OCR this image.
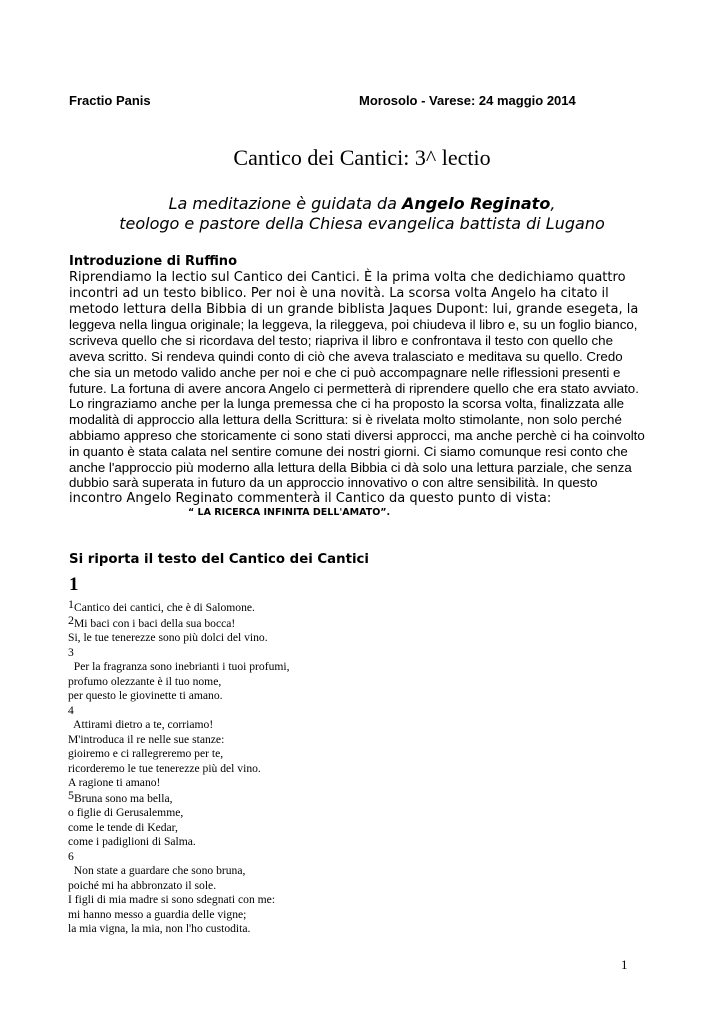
Fractio Panis	Morosolo - Varese: 24 maggio 2014
Cantico dei Cantici: 3^ lectio
La meditazione è guidata da Angelo Reginato,
teologo e pastore della Chiesa evangelica battista di Lugano
Introduzione di Ruffino
Riprendiamo la lectio sul Cantico dei Cantici. È la prima volta che dedichiamo quattro
incontri ad un testo biblico. Per noi è una novità. La scorsa volta Angelo ha citato il
metodo lettura della Bibbia di un grande biblista Jaques Dupont: lui, grande esegeta, la
leggeva nella lingua originale; la leggeva, la rileggeva, poi chiudeva il libro e, su un foglio bianco,
scriveva quello che si ricordava del testo; riapriva il libro e confrontava il testo con quello che
aveva scritto. Si rendeva quindi conto di ciò che aveva tralasciato e meditava su quello. Credo
che sia un metodo valido anche per noi e che ci può accompagnare nelle riflessioni presenti e
future. La fortuna di avere ancora Angelo ci permetterà di riprendere quello che era stato avviato.
Lo ringraziamo anche per la lunga premessa che ci ha proposto la scorsa volta, finalizzata alle
modalità di approccio alla lettura della Scrittura: si è rivelata molto stimolante, non solo perché
abbiamo appreso che storicamente ci sono stati diversi approcci, ma anche perchè ci ha coinvolto
in quanto è stata calata nel sentire comune dei nostri giorni. Ci siamo comunque resi conto che
anche l'approccio più moderno alla lettura della Bibbia ci dà solo una lettura parziale, che senza
dubbio sarà superata in futuro da un approccio innovativo o con altre sensibilità. In questo
incontro Angelo Reginato commenterà il Cantico da questo punto di vista:
“ LA RICERCA INFINITA DELL'AMATO”.
Si riporta il testo del Cantico dei Cantici
1
$^1$Cantico dei cantici, che è di Salomone.
$^2$Mi baci con i baci della sua bocca!
Si, le tue tenerezze sono più dolci del vino.
3
Per la fragranza sono inebrianti i tuoi profumi,
profumo olezzante è il tuo nome,
per questo le giovinette ti amano.
4
Attirami dietro a te, corriamo!
M'introduca il re nelle sue stanze:
gioiremo e ci rallegreremo per te,
ricorderemo le tue tenerezze più del vino.
A ragione ti amano!
$^5$Bruna sono ma bella,
o figlie di Gerusalemme,
come le tende di Kedar,
come i padiglioni di Salma.
6
Non state a guardare che sono bruna,
poiché mi ha abbronzato il sole.
I figli di mia madre si sono sdegnati con me:
mi hanno messo a guardia delle vigne;
la mia vigna, la mia, non l'ho custodita.
1
